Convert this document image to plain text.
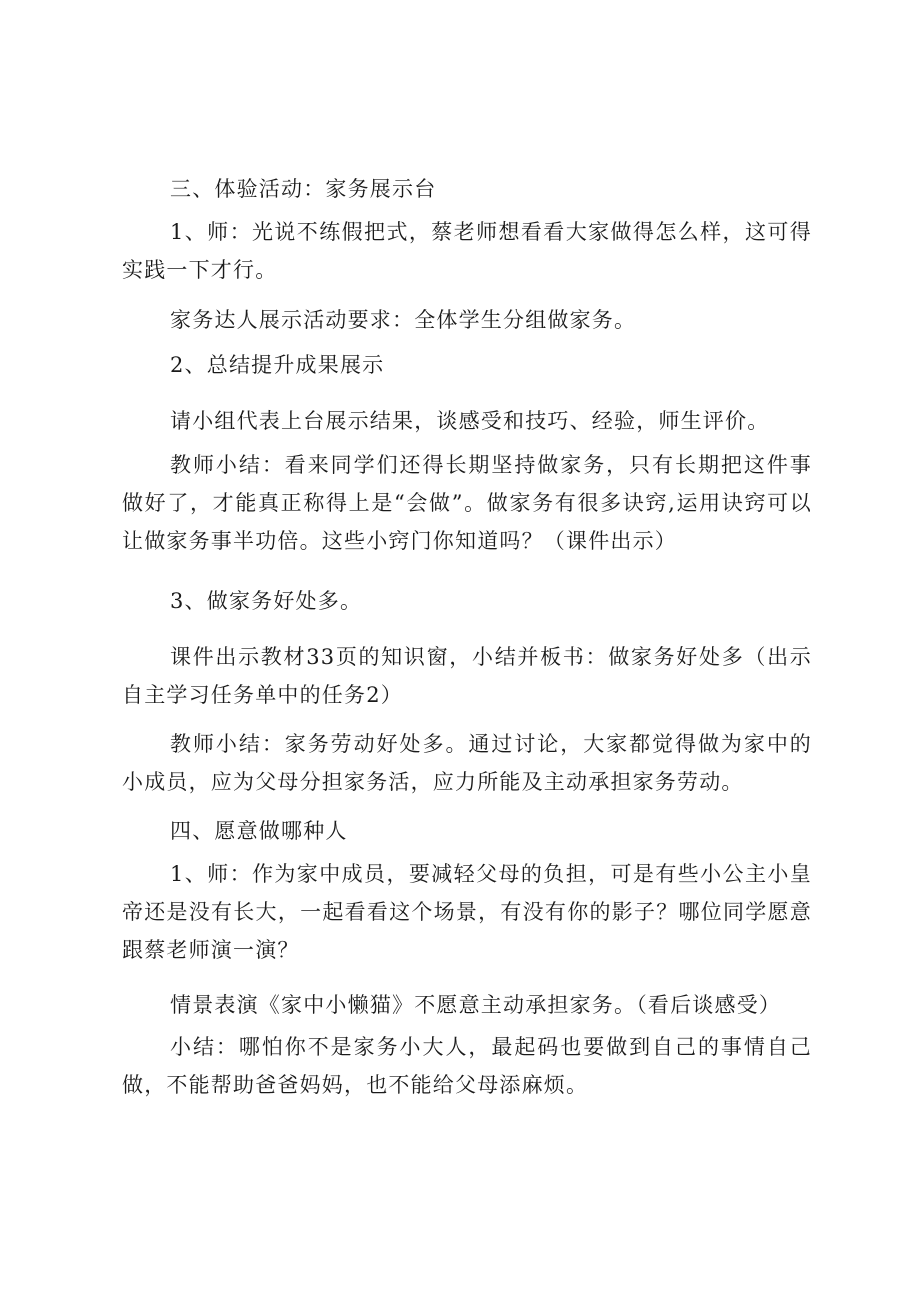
三、体验活动：家务展示台

1、师：光说不练假把式，蔡老师想看看大家做得怎么样，这可得实践一下才行。

家务达人展示活动要求：全体学生分组做家务。

2、总结提升成果展示

请小组代表上台展示结果，谈感受和技巧、经验，师生评价。

教师小结：看来同学们还得长期坚持做家务，只有长期把这件事做好了，才能真正称得上是“会做”。做家务有很多诀窍,运用诀窍可以让做家务事半功倍。这些小窍门你知道吗？（课件出示）

3、做家务好处多。

课件出示教材33页的知识窗，小结并板书：做家务好处多（出示自主学习任务单中的任务2）

教师小结：家务劳动好处多。通过讨论，大家都觉得做为家中的小成员，应为父母分担家务活，应力所能及主动承担家务劳动。

四、愿意做哪种人

1、师：作为家中成员，要减轻父母的负担，可是有些小公主小皇帝还是没有长大，一起看看这个场景，有没有你的影子？哪位同学愿意跟蔡老师演一演？

情景表演《家中小懒猫》不愿意主动承担家务。（看后谈感受）

小结：哪怕你不是家务小大人，最起码也要做到自己的事情自己做，不能帮助爸爸妈妈，也不能给父母添麻烦。
